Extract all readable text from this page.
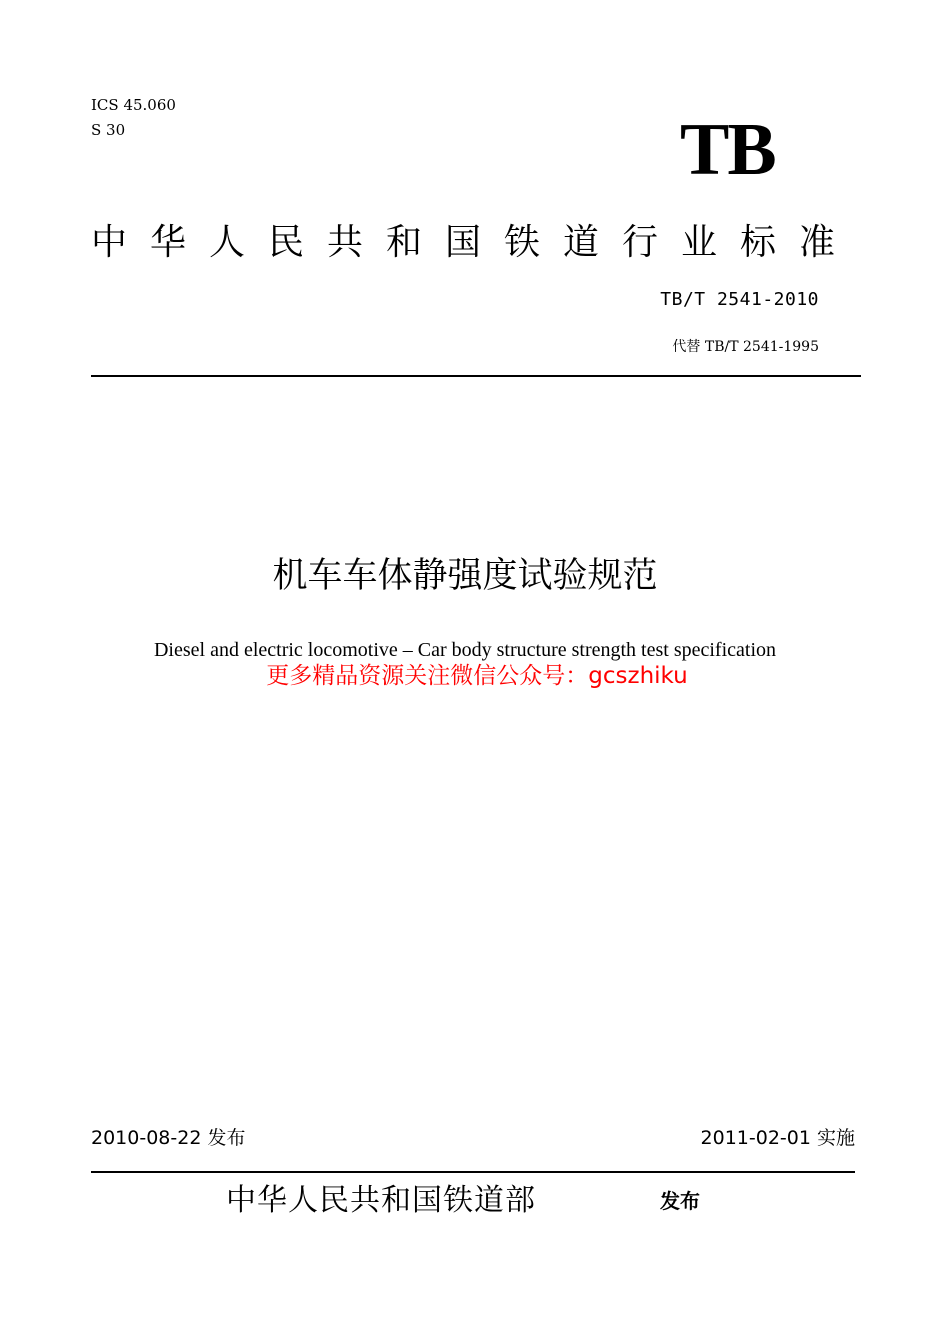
ICS 45.060
S 30	TB
中华人民共和国铁道行业标准
TB/T 2541-2010
代替 TB/T 2541-1995
机车车体静强度试验规范
Diesel and electric locomotive – Car body structure strength test specification
更多精品资源关注微信公众号：gcszhiku
2010-08-22 发布	2011-02-01 实施
中华人民共和国铁道部	发布
